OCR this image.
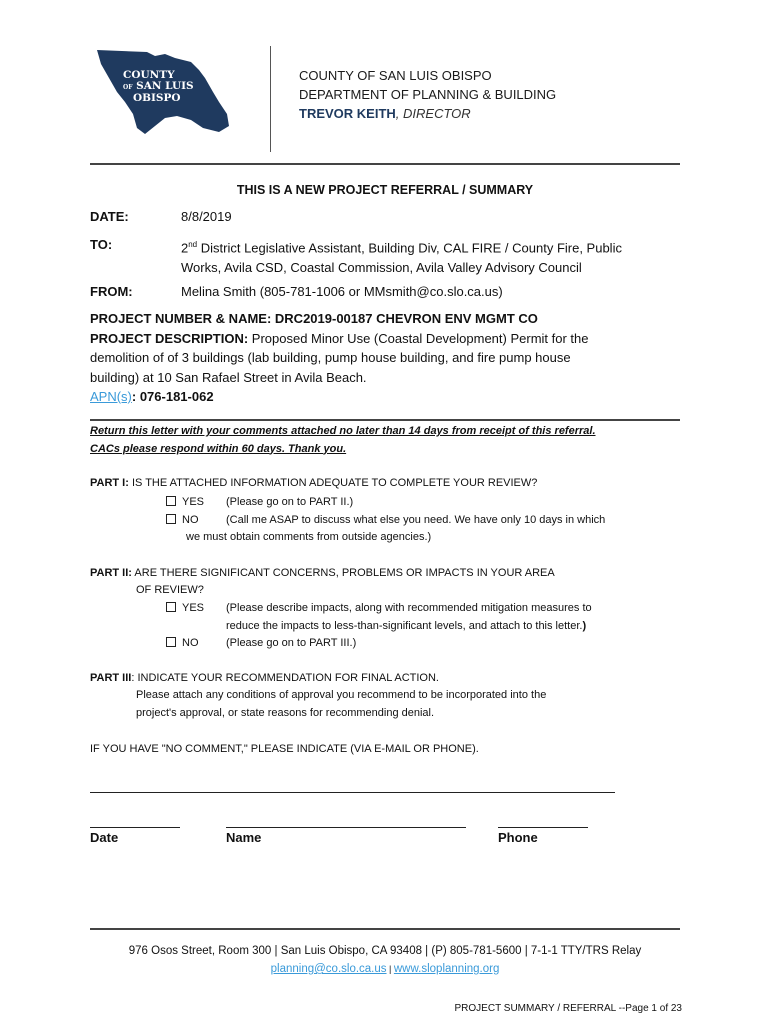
COUNTY
OF SAN LUIS
OBISPO
COUNTY OF SAN LUIS OBISPO
DEPARTMENT OF PLANNING & BUILDING
TREVOR KEITH, DIRECTOR
THIS IS A NEW PROJECT REFERRAL / SUMMARY
DATE:	8/8/2019
TO:	2nd District Legislative Assistant, Building Div, CAL FIRE / County Fire, Public
Works, Avila CSD, Coastal Commission, Avila Valley Advisory Council
FROM:	Melina Smith (805-781-1006 or MMsmith@co.slo.ca.us)
PROJECT NUMBER & NAME: DRC2019-00187 CHEVRON ENV MGMT CO
PROJECT DESCRIPTION: Proposed Minor Use (Coastal Development) Permit for the
demolition of of 3 buildings (lab building, pump house building, and fire pump house
building) at 10 San Rafael Street in Avila Beach.
APN(s): 076-181-062
Return this letter with your comments attached no later than 14 days from receipt of this referral.
CACs please respond within 60 days. Thank you.
PART I: IS THE ATTACHED INFORMATION ADEQUATE TO COMPLETE YOUR REVIEW?
YES (Please go on to PART II.)
NO	(Call me ASAP to discuss what else you need. We have only 10 days in which
we must obtain comments from outside agencies.)
PART II: ARE THERE SIGNIFICANT CONCERNS, PROBLEMS OR IMPACTS IN YOUR AREA
OF REVIEW?
YES (Please describe impacts, along with recommended mitigation measures to
reduce the impacts to less-than-significant levels, and attach to this letter.)
NO	(Please go on to PART III.)
PART III: INDICATE YOUR RECOMMENDATION FOR FINAL ACTION.
Please attach any conditions of approval you recommend to be incorporated into the
project's approval, or state reasons for recommending denial.
IF YOU HAVE "NO COMMENT," PLEASE INDICATE (VIA E-MAIL OR PHONE).
Date	Name	Phone
976 Osos Street, Room 300 | San Luis Obispo, CA 93408 | (P) 805-781-5600 | 7-1-1 TTY/TRS Relay
planning@co.slo.ca.us | www.sloplanning.org
PROJECT SUMMARY / REFERRAL --Page 1 of 23
